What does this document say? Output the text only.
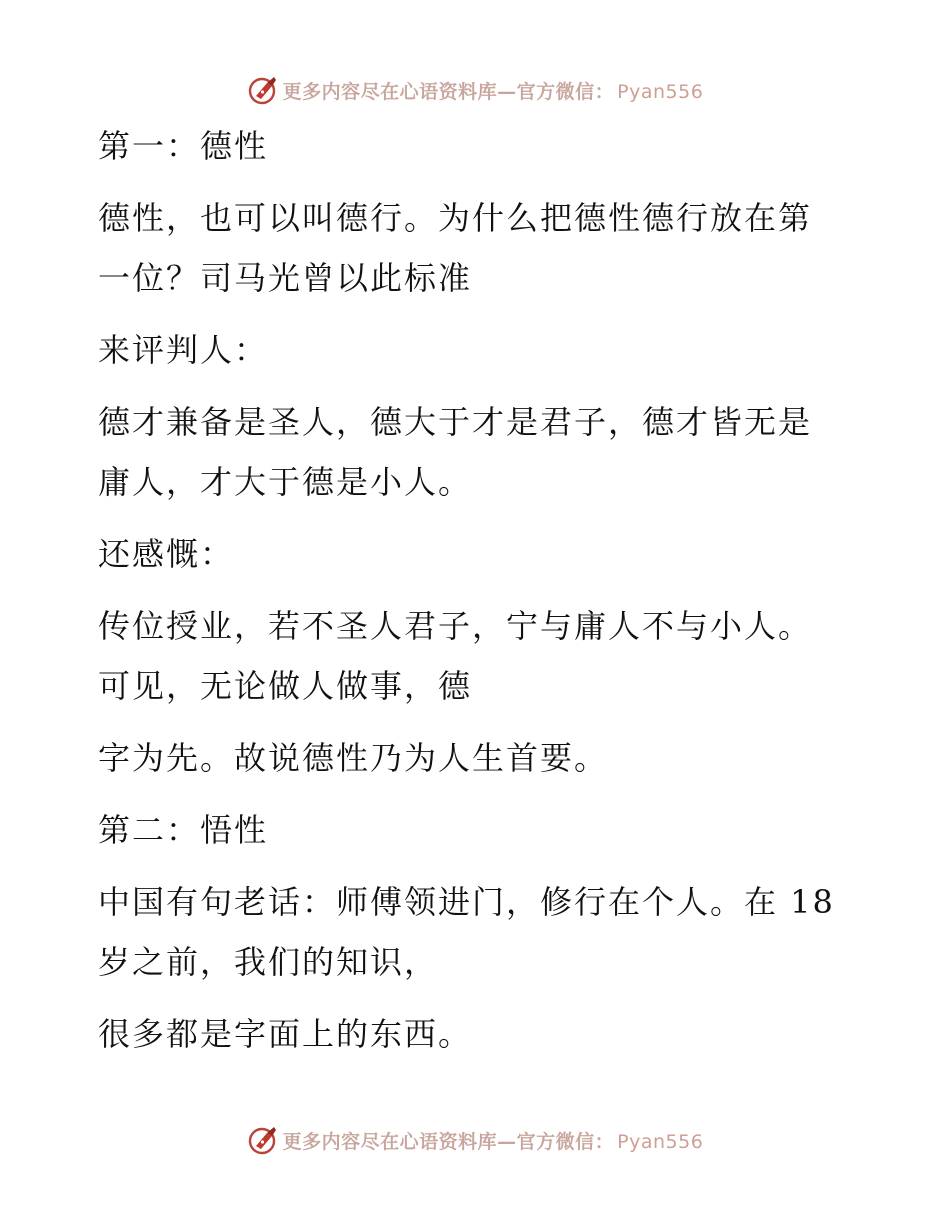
更多内容尽在心语资料库—官方微信： Pyan556
第一：德性
德性，也可以叫德行。为什么把德性德行放在第
一位？司马光曾以此标准
来评判人：
德才兼备是圣人，德大于才是君子，德才皆无是
庸人，才大于德是小人。
还感慨：
传位授业，若不圣人君子，宁与庸人不与小人。
可见，无论做人做事，德
字为先。故说德性乃为人生首要。
第二：悟性
中国有句老话：师傅领进门，修行在个人。在 18
岁之前，我们的知识，
很多都是字面上的东西。
更多内容尽在心语资料库—官方微信： Pyan556
